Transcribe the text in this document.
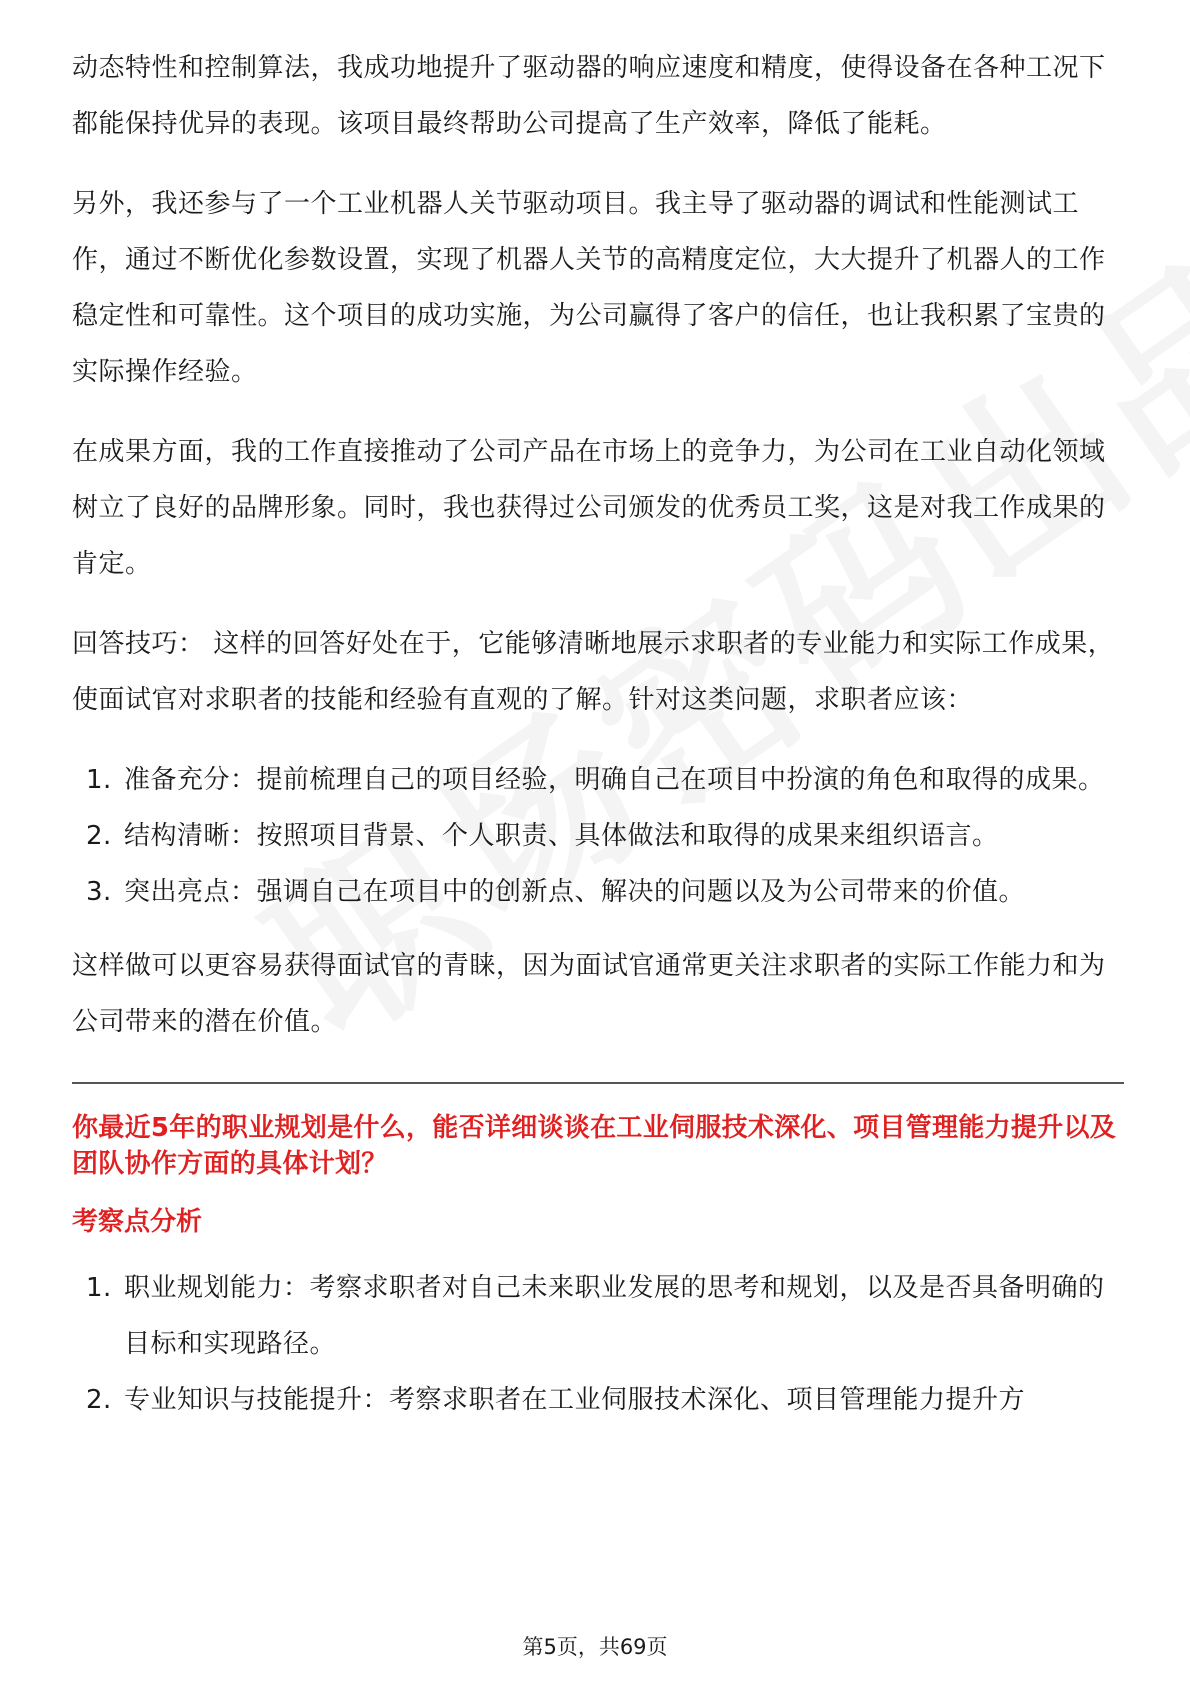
动态特性和控制算法，我成功地提升了驱动器的响应速度和精度，使得设备在各种工况下都能保持优异的表现。该项目最终帮助公司提高了生产效率，降低了能耗。

另外，我还参与了一个工业机器人关节驱动项目。我主导了驱动器的调试和性能测试工作，通过不断优化参数设置，实现了机器人关节的高精度定位，大大提升了机器人的工作稳定性和可靠性。这个项目的成功实施，为公司赢得了客户的信任，也让我积累了宝贵的实际操作经验。

在成果方面，我的工作直接推动了公司产品在市场上的竞争力，为公司在工业自动化领域树立了良好的品牌形象。同时，我也获得过公司颁发的优秀员工奖，这是对我工作成果的肯定。

回答技巧： 这样的回答好处在于，它能够清晰地展示求职者的专业能力和实际工作成果，使面试官对求职者的技能和经验有直观的了解。针对这类问题，求职者应该：

1. 准备充分：提前梳理自己的项目经验，明确自己在项目中扮演的角色和取得的成果。
2. 结构清晰：按照项目背景、个人职责、具体做法和取得的成果来组织语言。
3. 突出亮点：强调自己在项目中的创新点、解决的问题以及为公司带来的价值。

这样做可以更容易获得面试官的青睐，因为面试官通常更关注求职者的实际工作能力和为公司带来的潜在价值。

你最近5年的职业规划是什么，能否详细谈谈在工业伺服技术深化、项目管理能力提升以及团队协作方面的具体计划？
考察点分析
1. 职业规划能力：考察求职者对自己未来职业发展的思考和规划，以及是否具备明确的目标和实现路径。
2. 专业知识与技能提升：考察求职者在工业伺服技术深化、项目管理能力提升方
第5页，共69页
